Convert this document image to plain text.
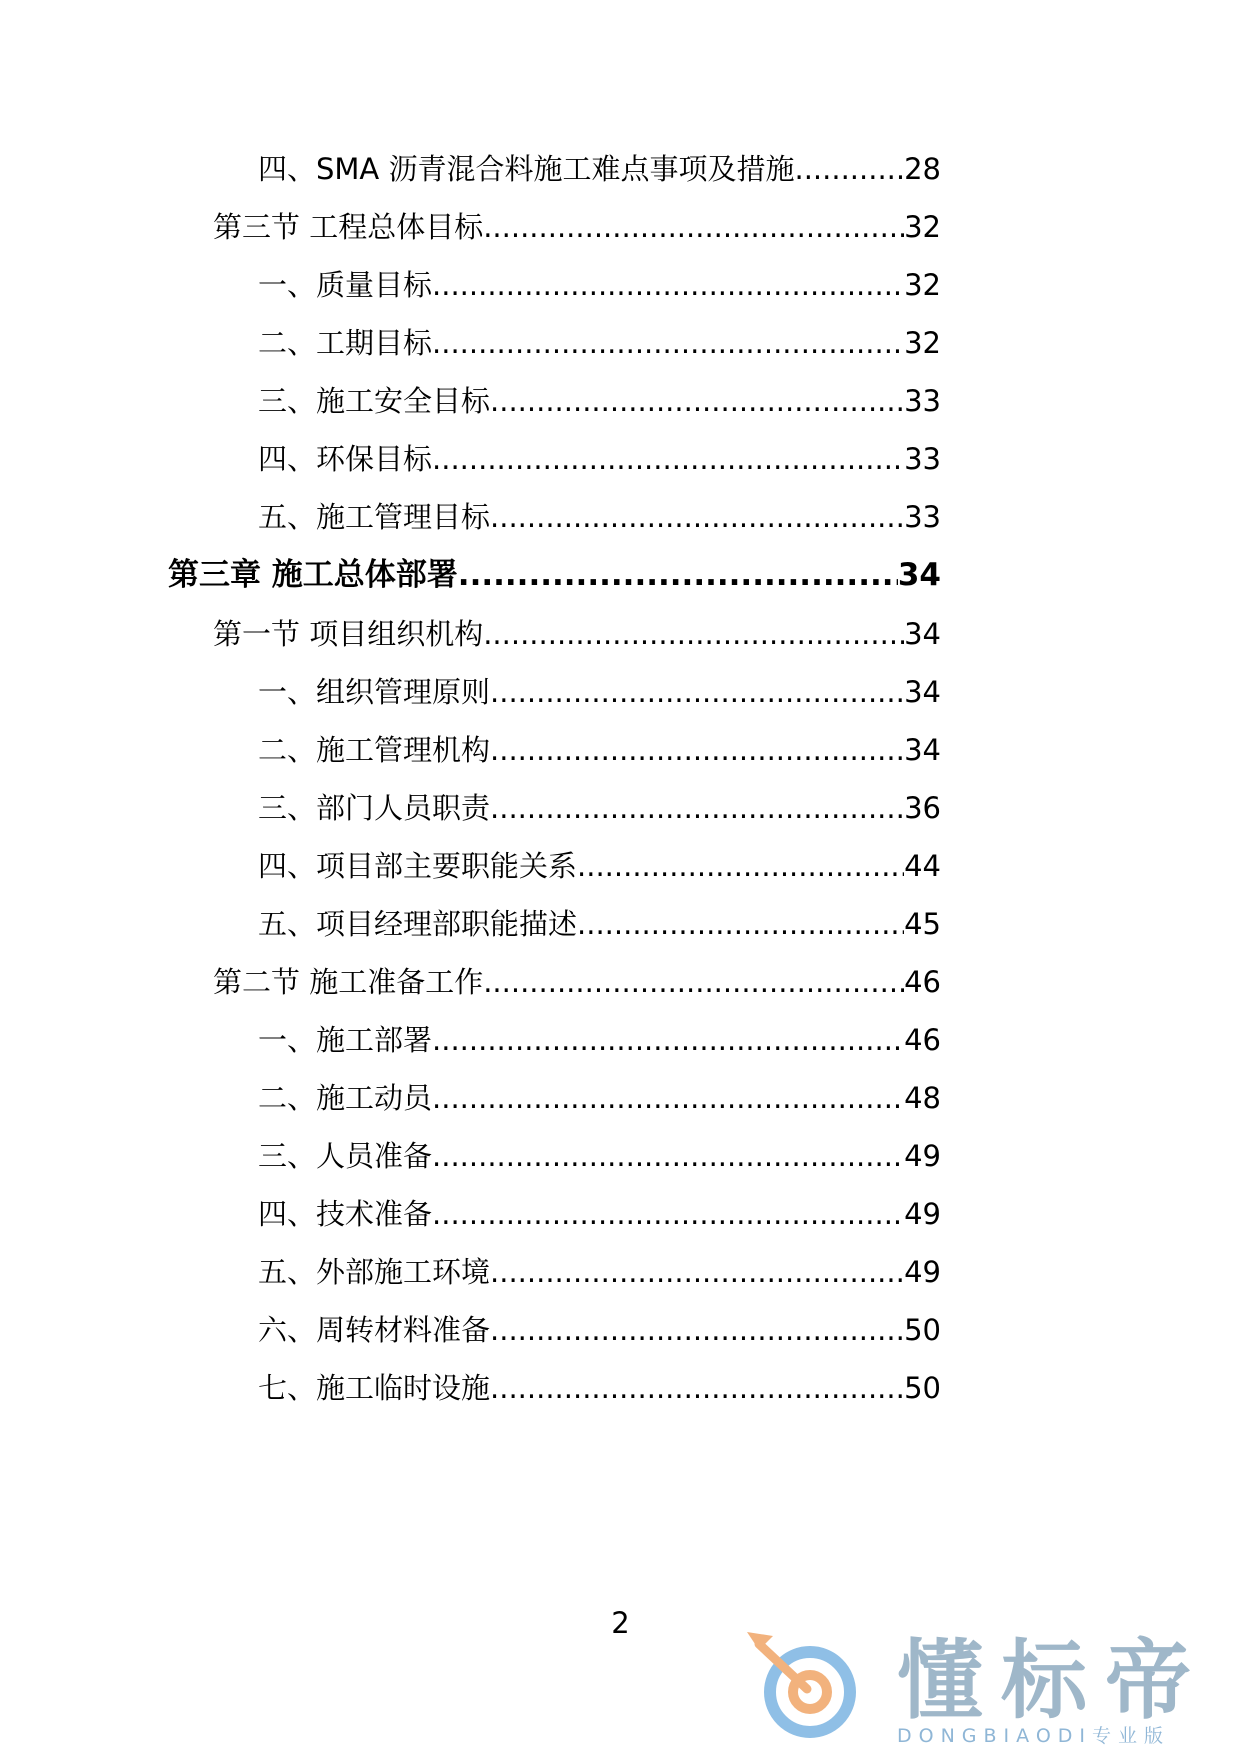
四、SMA 沥青混合料施工难点事项及措施 .....	28
第三节 工程总体目标 .....	32
一、质量目标 .....	32
二、工期目标 .....	32
三、施工安全目标 .....	33
四、环保目标 .....	33
五、施工管理目标 .....	33
第三章 施工总体部署 .....	34
第一节 项目组织机构 .....	34
一、组织管理原则 .....	34
二、施工管理机构 .....	34
三、部门人员职责 .....	36
四、项目部主要职能关系 .....	44
五、项目经理部职能描述 .....	45
第二节 施工准备工作 .....	46
一、施工部署 .....	46
二、施工动员 .....	48
三、人员准备 .....	49
四、技术准备 .....	49
五、外部施工环境 .....	49
六、周转材料准备 .....	50
七、施工临时设施 .....	50
2
懂标帝
DONGBIAODI专业版
